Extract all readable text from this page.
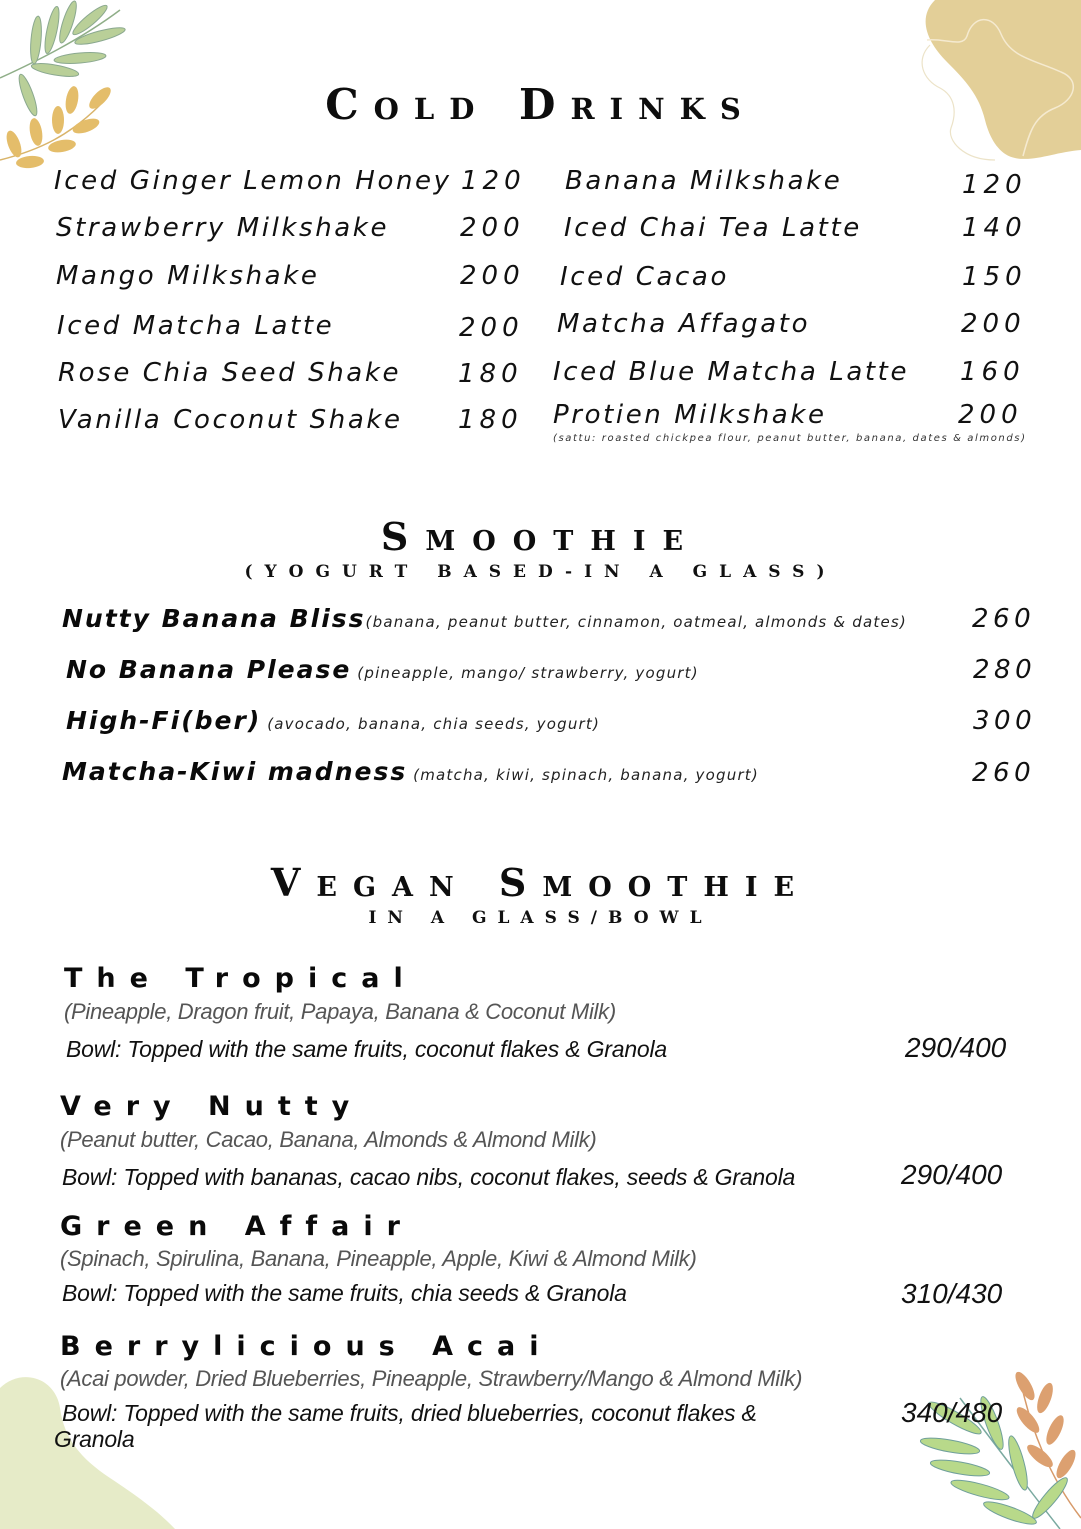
Cold Drinks
Iced Ginger Lemon Honey 120
Strawberry Milkshake	200
Mango Milkshake	200
Iced Matcha Latte	200
Rose Chia Seed Shake 180
Vanilla Coconut Shake 180
Banana Milkshake	120
Iced Chai Tea Latte	140
Iced Cacao	150
Matcha Affagato	200
Iced Blue Matcha Latte 160
Protien Milkshake	200
(sattu: roasted chickpea flour, peanut butter, banana, dates & almonds)
Smoothie
(YOGURT BASED-IN A GLASS)
Nutty Banana Bliss(banana, peanut butter, cinnamon, oatmeal, almonds & dates)	260
No Banana Please (pineapple, mango/ strawberry, yogurt)	280
High-Fi(ber) (avocado, banana, chia seeds, yogurt)	300
Matcha-Kiwi madness (matcha, kiwi, spinach, banana, yogurt)	260
Vegan Smoothie
IN A GLASS/BOWL
The Tropical
(Pineapple, Dragon fruit, Papaya, Banana & Coconut Milk)
Bowl: Topped with the same fruits, coconut flakes & Granola	290/400
Very Nutty
(Peanut butter, Cacao, Banana, Almonds & Almond Milk)
Bowl: Topped with bananas, cacao nibs, coconut flakes, seeds & Granola	290/400
Green Affair
(Spinach, Spirulina, Banana, Pineapple, Apple, Kiwi & Almond Milk)
Bowl: Topped with the same fruits, chia seeds & Granola	310/430
Berrylicious Acai
(Acai powder, Dried Blueberries, Pineapple, Strawberry/Mango & Almond Milk)
Bowl: Topped with the same fruits, dried blueberries, coconut flakes &
Granola
340/480
